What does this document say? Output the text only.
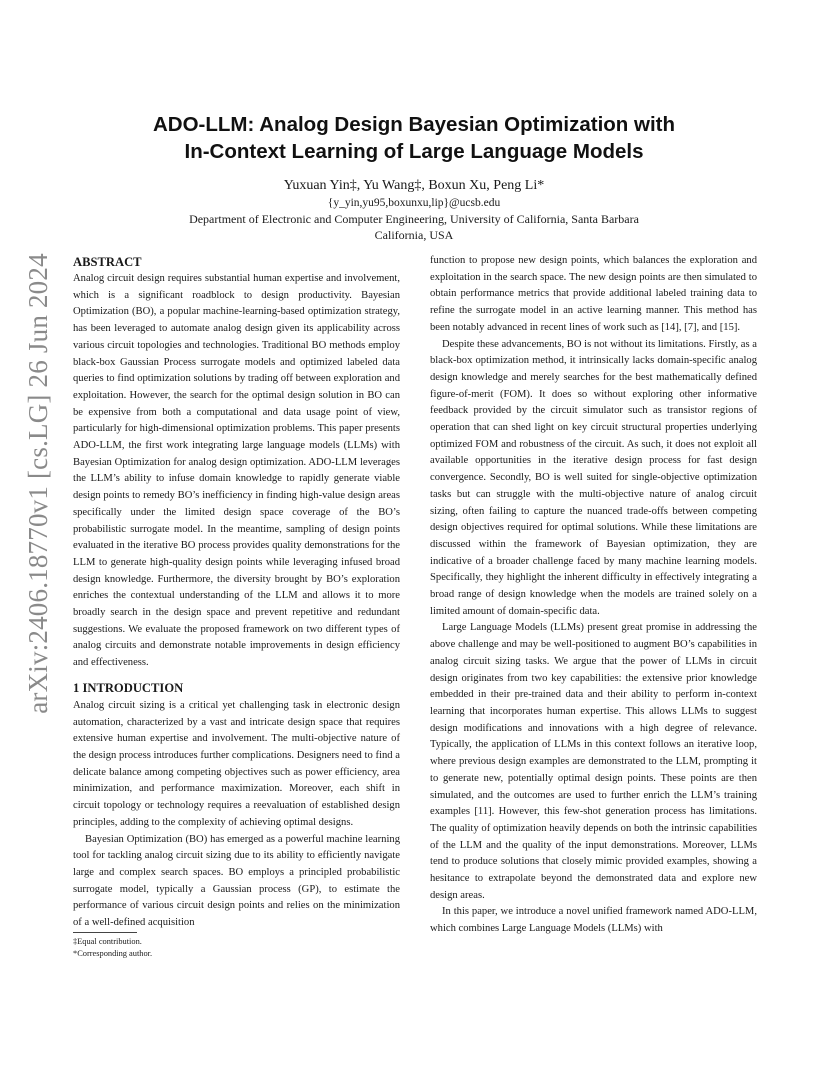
ADO-LLM: Analog Design Bayesian Optimization with
In-Context Learning of Large Language Models
Yuxuan Yin‡, Yu Wang‡, Boxun Xu, Peng Li*
{y_yin,yu95,boxunxu,lip}@ucsb.edu
Department of Electronic and Computer Engineering, University of California, Santa Barbara
California, USA
arXiv:2406.18770v1 [cs.LG] 26 Jun 2024 ABSTRACT

Analog circuit design requires substantial human expertise and involvement, which is a significant roadblock to design productivity. Bayesian Optimization (BO), a popular machine-learning-based optimization strategy, has been leveraged to automate analog design given its applicability across various circuit topologies and technologies. Traditional BO methods employ black-box Gaussian Process surrogate models and optimized labeled data queries to find optimization solutions by trading off between exploration and exploitation. However, the search for the optimal design solution in BO can be expensive from both a computational and data usage point of view, particularly for high-dimensional optimization problems. This paper presents ADO-LLM, the first work integrating large language models (LLMs) with Bayesian Optimization for analog design optimization. ADO-LLM leverages the LLM’s ability to infuse domain knowledge to rapidly generate viable design points to remedy BO’s inefficiency in finding high-value design areas specifically under the limited design space coverage of the BO’s probabilistic surrogate model. In the meantime, sampling of design points evaluated in the iterative BO process provides quality demonstrations for the LLM to generate high-quality design points while leveraging infused broad design knowledge. Furthermore, the diversity brought by BO’s exploration enriches the contextual understanding of the LLM and allows it to more broadly search in the design space and prevent repetitive and redundant suggestions. We evaluate the proposed framework on two different types of analog circuits and demonstrate notable improvements in design efficiency and effectiveness.

1 INTRODUCTION

Analog circuit sizing is a critical yet challenging task in electronic design automation, characterized by a vast and intricate design space that requires extensive human expertise and involvement. The multi-objective nature of the design process introduces further complications. Designers need to find a delicate balance among competing objectives such as power efficiency, area minimization, and performance maximization. Moreover, each shift in circuit topology or technology requires a reevaluation of established design principles, adding to the complexity of achieving optimal designs.

Bayesian Optimization (BO) has emerged as a powerful machine learning tool for tackling analog circuit sizing due to its ability to efficiently navigate large and complex search spaces. BO employs a principled probabilistic surrogate model, typically a Gaussian process (GP), to estimate the performance of various circuit design points and relies on the minimization of a well-defined acquisition

function to propose new design points, which balances the exploration and exploitation in the search space. The new design points are then simulated to obtain performance metrics that provide additional labeled training data to refine the surrogate model in an active learning manner. This method has been notably advanced in recent lines of work such as [14], [7], and [15].

Despite these advancements, BO is not without its limitations. Firstly, as a black-box optimization method, it intrinsically lacks domain-specific analog design knowledge and merely searches for the best mathematically defined figure-of-merit (FOM). It does so without exploring other informative feedback provided by the circuit simulator such as transistor regions of operation that can shed light on key circuit structural properties underlying optimized FOM and robustness of the circuit. As such, it does not exploit all available opportunities in the iterative design process for fast design convergence. Secondly, BO is well suited for single-objective optimization tasks but can struggle with the multi-objective nature of analog circuit sizing, often failing to capture the nuanced trade-offs between competing design objectives required for optimal solutions. While these limitations are discussed within the framework of Bayesian optimization, they are indicative of a broader challenge faced by many machine learning models. Specifically, they highlight the inherent difficulty in effectively integrating a broad range of design knowledge when the models are trained solely on a limited amount of domain-specific data.

Large Language Models (LLMs) present great promise in addressing the above challenge and may be well-positioned to augment BO’s capabilities in analog circuit sizing tasks. We argue that the power of LLMs in circuit design originates from two key capabilities: the extensive prior knowledge embedded in their pre-trained data and their ability to perform in-context learning that incorporates human expertise. This allows LLMs to suggest design modifications and innovations with a high degree of relevance. Typically, the application of LLMs in this context follows an iterative loop, where previous design examples are demonstrated to the LLM, prompting it to generate new, potentially optimal design points. These points are then simulated, and the outcomes are used to further enrich the LLM’s training examples [11]. However, this few-shot generation process has limitations. The quality of optimization heavily depends on both the intrinsic capabilities of the LLM and the quality of the input demonstrations. Moreover, LLMs tend to produce solutions that closely mimic provided examples, showing a hesitance to extrapolate beyond the demonstrated data and explore new design areas.

In this paper, we introduce a novel unified framework named ADO-LLM, which combines Large Language Models (LLMs) with

‡Equal contribution.

*Corresponding author.
